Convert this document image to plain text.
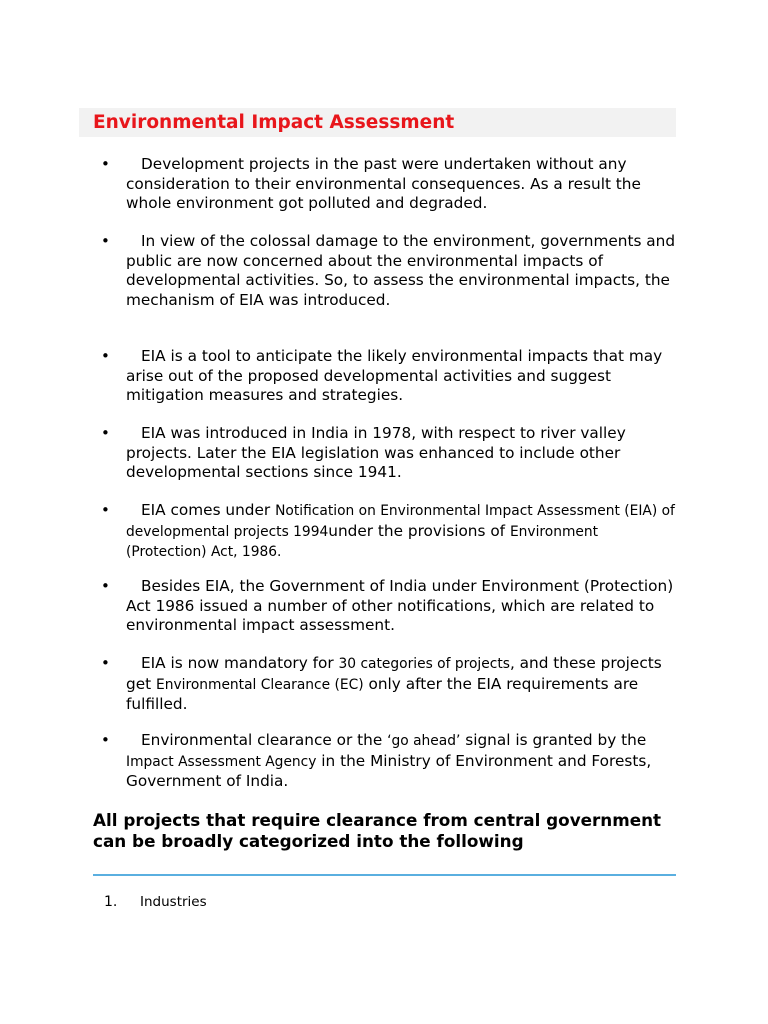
Environmental Impact Assessment
•	Development projects in the past were undertaken without any consideration to their environmental consequences. As a result the whole environment got polluted and degraded.
•	In view of the colossal damage to the environment, governments and public are now concerned about the environmental impacts of developmental activities. So, to assess the environmental impacts, the mechanism of EIA was introduced.
•	EIA is a tool to anticipate the likely environmental impacts that may arise out of the proposed developmental activities and suggest mitigation measures and strategies.
•	EIA was introduced in India in 1978, with respect to river valley projects. Later the EIA legislation was enhanced to include other developmental sections since 1941.
•	EIA comes under Notification on Environmental Impact Assessment (EIA) of developmental projects 1994under the provisions of Environment (Protection) Act, 1986.
•	Besides EIA, the Government of India under Environment (Protection) Act 1986 issued a number of other notifications, which are related to environmental impact assessment.
•	EIA is now mandatory for 30 categories of projects, and these projects get Environmental Clearance (EC) only after the EIA requirements are fulfilled.
•	Environmental clearance or the ‘go ahead’ signal is granted by the Impact Assessment Agency in the Ministry of Environment and Forests, Government of India.
All projects that require clearance from central government can be broadly categorized into the following
1. Industries
